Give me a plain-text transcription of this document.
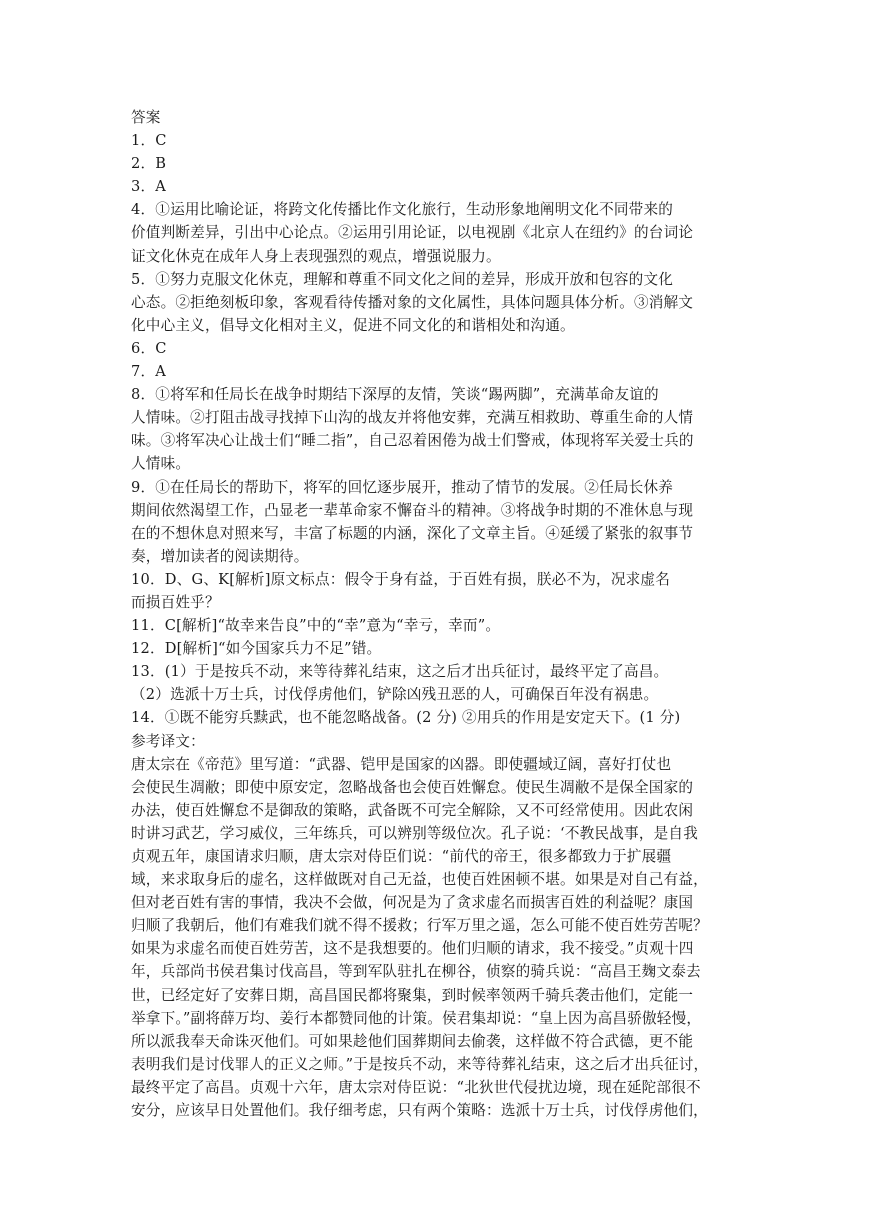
答案
1．C
2．B
3．A
4．①运用比喻论证，将跨文化传播比作文化旅行，生动形象地阐明文化不同带来的
价值判断差异，引出中心论点。②运用引用论证，以电视剧《北京人在纽约》的台词论
证文化休克在成年人身上表现强烈的观点，增强说服力。
5．①努力克服文化休克，理解和尊重不同文化之间的差异，形成开放和包容的文化
心态。②拒绝刻板印象，客观看待传播对象的文化属性，具体问题具体分析。③消解文
化中心主义，倡导文化相对主义，促进不同文化的和谐相处和沟通。
6．C
7．A
8．①将军和任局长在战争时期结下深厚的友情，笑谈“踢两脚”，充满革命友谊的
人情味。②打阻击战寻找掉下山沟的战友并将他安葬，充满互相救助、尊重生命的人情
味。③将军决心让战士们“睡二指”，自己忍着困倦为战士们警戒，体现将军关爱士兵的
人情味。
9．①在任局长的帮助下，将军的回忆逐步展开，推动了情节的发展。②任局长休养
期间依然渴望工作，凸显老一辈革命家不懈奋斗的精神。③将战争时期的不准休息与现
在的不想休息对照来写，丰富了标题的内涵，深化了文章主旨。④延缓了紧张的叙事节
奏，增加读者的阅读期待。
10．D、G、K[解析]原文标点：假令于身有益，于百姓有损，朕必不为，况求虚名
而损百姓乎？
11．C[解析]“故幸来告良”中的“幸”意为“幸亏，幸而”。
12．D[解析]“如今国家兵力不足”错。
13．(1）于是按兵不动，来等待葬礼结束，这之后才出兵征讨，最终平定了高昌。
（2）选派十万士兵，讨伐俘虏他们，铲除凶残丑恶的人，可确保百年没有祸患。
14．①既不能穷兵黩武，也不能忽略战备。(2 分) ②用兵的作用是安定天下。(1 分)
参考译文：
唐太宗在《帝范》里写道：“武器、铠甲是国家的凶器。即使疆域辽阔，喜好打仗也
会使民生凋敝；即使中原安定，忽略战备也会使百姓懈怠。使民生凋敝不是保全国家的
办法，使百姓懈怠不是御敌的策略，武备既不可完全解除，又不可经常使用。因此农闲
时讲习武艺，学习威仪，三年练兵，可以辨别等级位次。孔子说：‘不教民战事，是自我
贞观五年，康国请求归顺，唐太宗对侍臣们说：“前代的帝王，很多都致力于扩展疆
域，来求取身后的虚名，这样做既对自己无益，也使百姓困顿不堪。如果是对自己有益，
但对老百姓有害的事情，我决不会做，何况是为了贪求虚名而损害百姓的利益呢？康国
归顺了我朝后，他们有难我们就不得不援救；行军万里之遥，怎么可能不使百姓劳苦呢？
如果为求虚名而使百姓劳苦，这不是我想要的。他们归顺的请求，我不接受。”贞观十四
年，兵部尚书侯君集讨伐高昌，等到军队驻扎在柳谷，侦察的骑兵说：“高昌王麹文泰去
世，已经定好了安葬日期，高昌国民都将聚集，到时候率领两千骑兵袭击他们，定能一
举拿下。”副将薛万均、姜行本都赞同他的计策。侯君集却说：“皇上因为高昌骄傲轻慢，
所以派我奉天命诛灭他们。可如果趁他们国葬期间去偷袭，这样做不符合武德，更不能
表明我们是讨伐罪人的正义之师。”于是按兵不动，来等待葬礼结束，这之后才出兵征讨，
最终平定了高昌。贞观十六年，唐太宗对侍臣说：“北狄世代侵扰边境，现在延陀部很不
安分，应该早日处置他们。我仔细考虑，只有两个策略：选派十万士兵，讨伐俘虏他们，
